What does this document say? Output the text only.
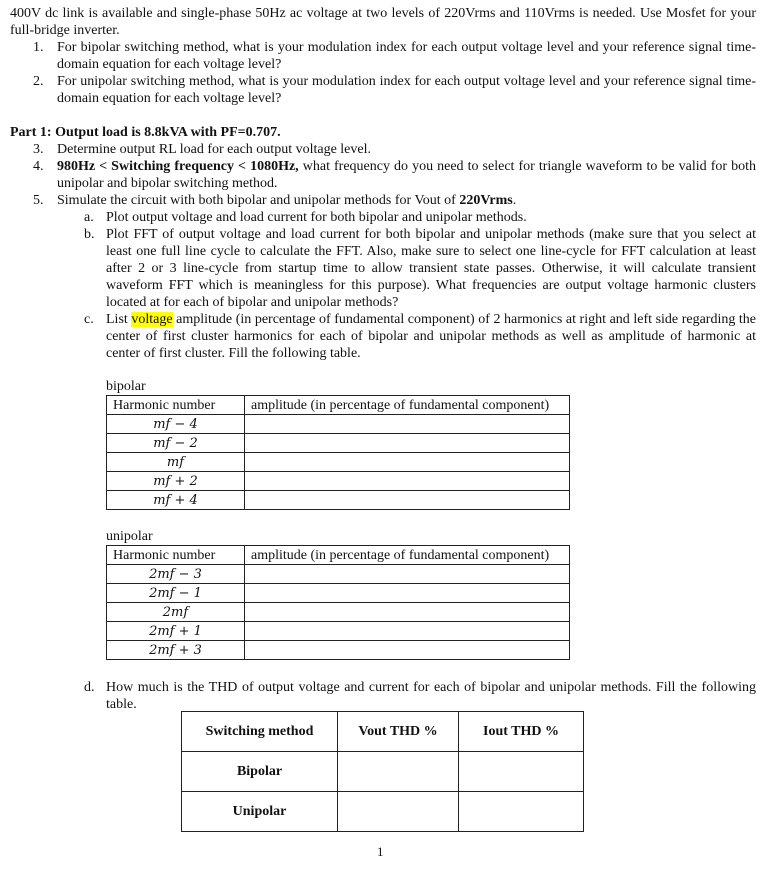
400V dc link is available and single-phase 50Hz ac voltage at two levels of 220Vrms and 110Vrms is needed. Use Mosfet for your full-bridge inverter.
1. For bipolar switching method, what is your modulation index for each output voltage level and your reference signal time-domain equation for each voltage level?
2. For unipolar switching method, what is your modulation index for each output voltage level and your reference signal time-domain equation for each voltage level?
Part 1: Output load is 8.8kVA with PF=0.707.
3. Determine output RL load for each output voltage level.
4. 980Hz < Switching frequency < 1080Hz, what frequency do you need to select for triangle waveform to be valid for both unipolar and bipolar switching method.
5. Simulate the circuit with both bipolar and unipolar methods for Vout of 220Vrms.
a. Plot output voltage and load current for both bipolar and unipolar methods.
b. Plot FFT of output voltage and load current for both bipolar and unipolar methods (make sure that you select at least one full line cycle to calculate the FFT. Also, make sure to select one line-cycle for FFT calculation at least after 2 or 3 line-cycle from startup time to allow transient state passes. Otherwise, it will calculate transient waveform FFT which is meaningless for this purpose). What frequencies are output voltage harmonic clusters located at for each of bipolar and unipolar methods?
c. List voltage amplitude (in percentage of fundamental component) of 2 harmonics at right and left side regarding the center of first cluster harmonics for each of bipolar and unipolar methods as well as amplitude of harmonic at center of first cluster. Fill the following table.
bipolar
Harmonic number	amplitude (in percentage of fundamental component)
mf − 4	
mf − 2	
mf	
mf + 2	
mf + 4	
unipolar
Harmonic number	amplitude (in percentage of fundamental component)
2mf − 3	
2mf − 1	
2mf	
2mf + 1	
2mf + 3	
d. How much is the THD of output voltage and current for each of bipolar and unipolar methods. Fill the following table.
Switching method	Vout THD %	Iout THD %
Bipolar		
Unipolar		
1
